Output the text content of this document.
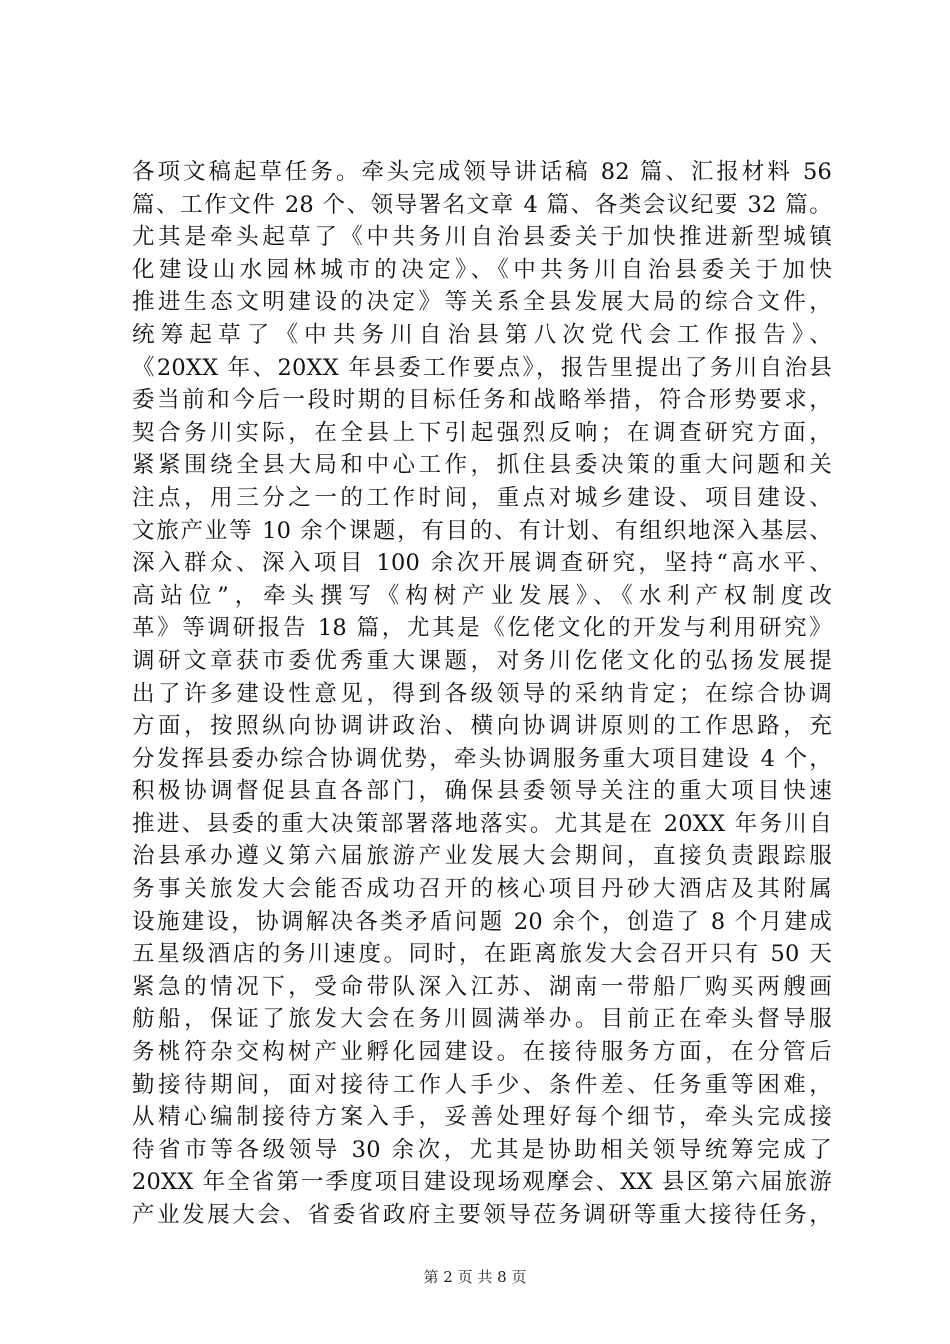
各项文稿起草任务。牵头完成领导讲话稿 82 篇、汇报材料 56
篇、工作文件 28 个、领导署名文章 4 篇、各类会议纪要 32 篇。
尤其是牵头起草了《中共务川自治县委关于加快推进新型城镇
化建设山水园林城市的决定》、《中共务川自治县委关于加快
推进生态文明建设的决定》等关系全县发展大局的综合文件，
统筹起草了《中共务川自治县第八次党代会工作报告》、
《20XX 年、20XX 年县委工作要点》，报告里提出了务川自治县
委当前和今后一段时期的目标任务和战略举措，符合形势要求，
契合务川实际，在全县上下引起强烈反响；在调查研究方面，
紧紧围绕全县大局和中心工作，抓住县委决策的重大问题和关
注点，用三分之一的工作时间，重点对城乡建设、项目建设、
文旅产业等 10 余个课题，有目的、有计划、有组织地深入基层、
深入群众、深入项目 100 余次开展调查研究，坚持“高水平、
高站位”，牵头撰写《构树产业发展》、《水利产权制度改
革》等调研报告 18 篇，尤其是《仡佬文化的开发与利用研究》
调研文章获市委优秀重大课题，对务川仡佬文化的弘扬发展提
出了许多建设性意见，得到各级领导的采纳肯定；在综合协调
方面，按照纵向协调讲政治、横向协调讲原则的工作思路，充
分发挥县委办综合协调优势，牵头协调服务重大项目建设 4 个，
积极协调督促县直各部门，确保县委领导关注的重大项目快速
推进、县委的重大决策部署落地落实。尤其是在 20XX 年务川自
治县承办遵义第六届旅游产业发展大会期间，直接负责跟踪服
务事关旅发大会能否成功召开的核心项目丹砂大酒店及其附属
设施建设，协调解决各类矛盾问题 20 余个，创造了 8 个月建成
五星级酒店的务川速度。同时，在距离旅发大会召开只有 50 天
紧急的情况下，受命带队深入江苏、湖南一带船厂购买两艘画
舫船，保证了旅发大会在务川圆满举办。目前正在牵头督导服
务桃符杂交构树产业孵化园建设。在接待服务方面，在分管后
勤接待期间，面对接待工作人手少、条件差、任务重等困难，
从精心编制接待方案入手，妥善处理好每个细节，牵头完成接
待省市等各级领导 30 余次，尤其是协助相关领导统筹完成了
20XX 年全省第一季度项目建设现场观摩会、XX 县区第六届旅游
产业发展大会、省委省政府主要领导莅务调研等重大接待任务，
第 2 页 共 8 页
